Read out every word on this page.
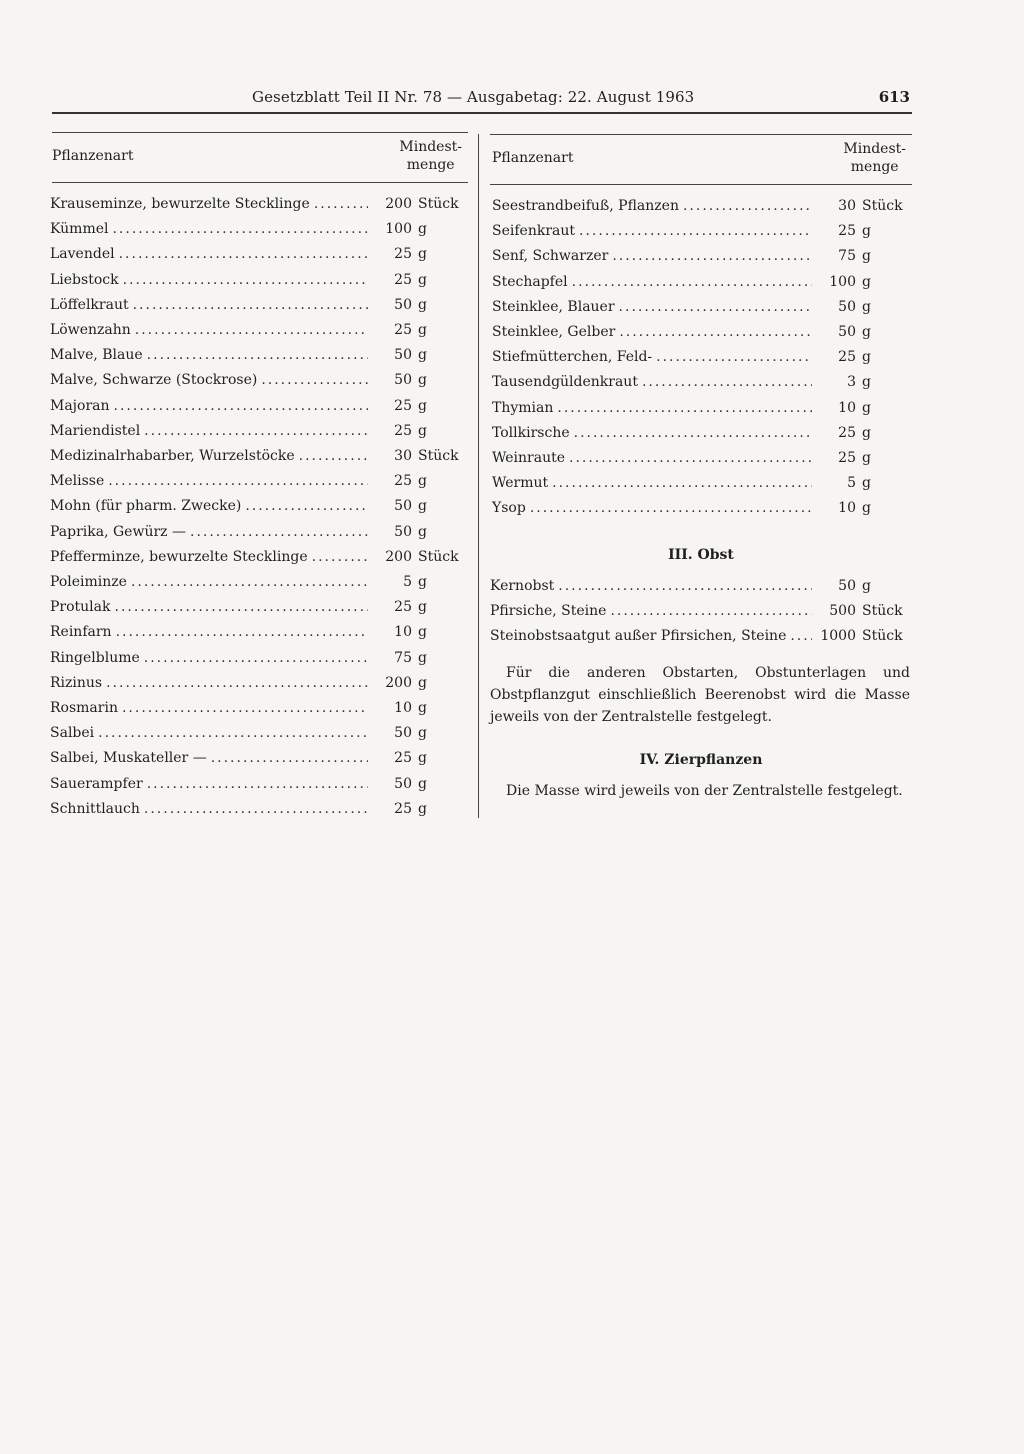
Gesetzblatt Teil II Nr. 78 — Ausgabetag: 22. August 1963	613
Pflanzenart
Mindest-
menge
Krauseminze, bewurzelte Stecklinge .....	200 Stück
Kümmel .....	100 g
Lavendel .....	25 g
Liebstock .....	25 g
Löffelkraut .....	50 g
Löwenzahn .....	25 g
Malve, Blaue .....	50 g
Malve, Schwarze (Stockrose) .....	50 g
Majoran .....	25 g
Mariendistel .....	25 g
Medizinalrhabarber, Wurzelstöcke .....	30 Stück
Melisse .....	25 g
Mohn (für pharm. Zwecke) .....	50 g
Paprika, Gewürz — .....	50 g
Pfefferminze, bewurzelte Stecklinge .....	200 Stück
Poleiminze .....	5 g
Protulak .....	25 g
Reinfarn .....	10 g
Ringelblume .....	75 g
Rizinus .....	200 g
Rosmarin .....	10 g
Salbei .....	50 g
Salbei, Muskateller — .....	25 g
Sauerampfer .....	50 g
Schnittlauch .....	25 g
Pflanzenart
Mindest-
menge
Seestrandbeifuß, Pflanzen .....	30 Stück
Seifenkraut .....	25 g
Senf, Schwarzer .....	75 g
Stechapfel .....	100 g
Steinklee, Blauer .....	50 g
Steinklee, Gelber .....	50 g
Stiefmütterchen, Feld- .....	25 g
Tausendgüldenkraut .....	3 g
Thymian .....	10 g
Tollkirsche .....	25 g
Weinraute .....	25 g
Wermut .....	5 g
Ysop .....	10 g
III. Obst
Kernobst .....	50 g
Pfirsiche, Steine .....	500 Stück
Steinobstsaatgut außer Pfirsichen, Steine .....	1000 Stück
Für die anderen Obstarten, Obstunterlagen und Obstpflanzgut einschließlich Beerenobst wird die Masse jeweils von der Zentralstelle festgelegt.
IV. Zierpflanzen
Die Masse wird jeweils von der Zentralstelle festgelegt.
